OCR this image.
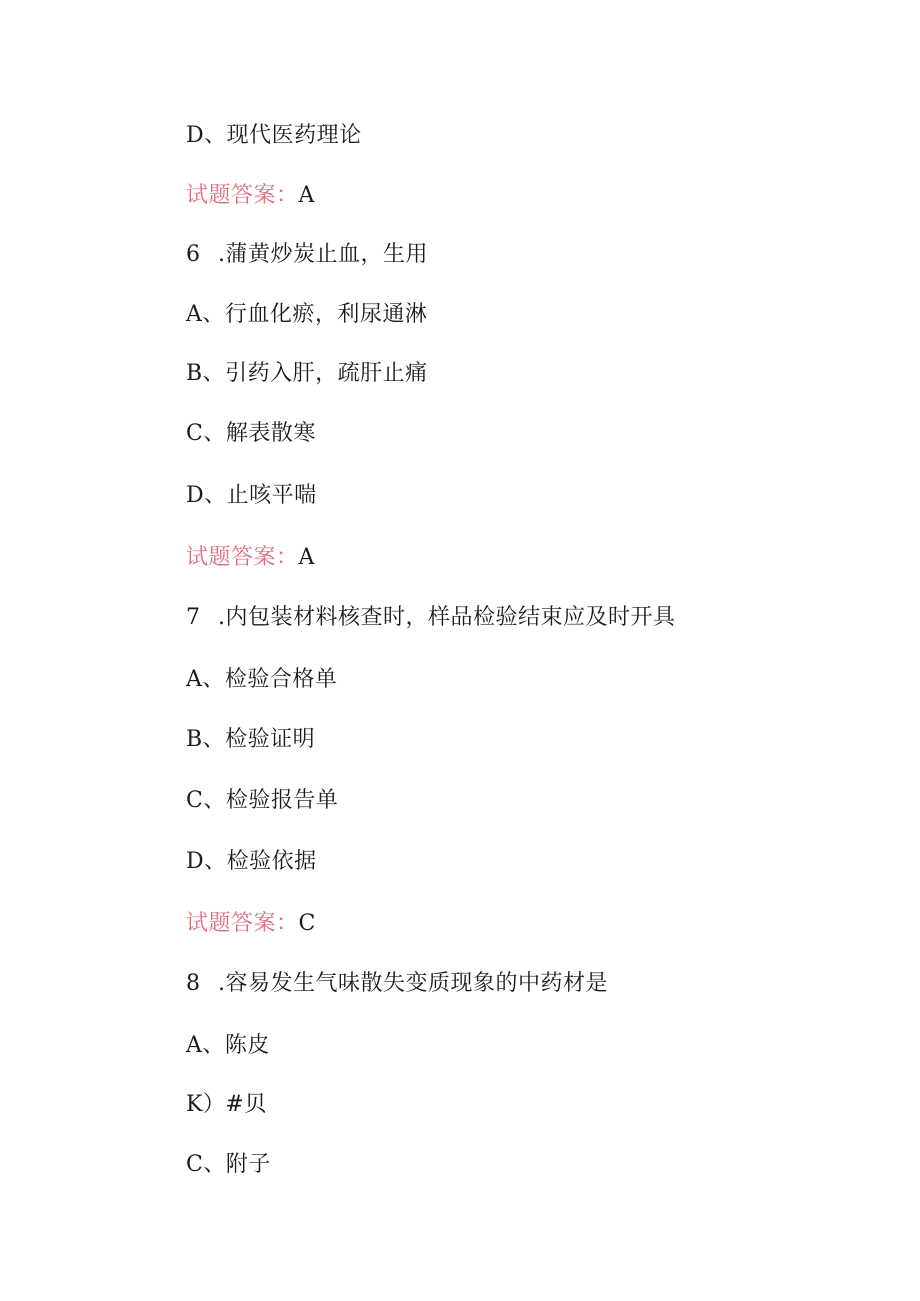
D、现代医药理论
试题答案：A
6 .蒲黄炒炭止血，生用
A、行血化瘀，利尿通淋
B、引药入肝，疏肝止痛
C、解表散寒
D、止咳平喘
试题答案：A
7 .内包装材料核查时，样品检验结束应及时开具
A、检验合格单
B、检验证明
C、检验报告单
D、检验依据
试题答案：C
8 .容易发生气味散失变质现象的中药材是
A、陈皮
K）#贝
C、附子
